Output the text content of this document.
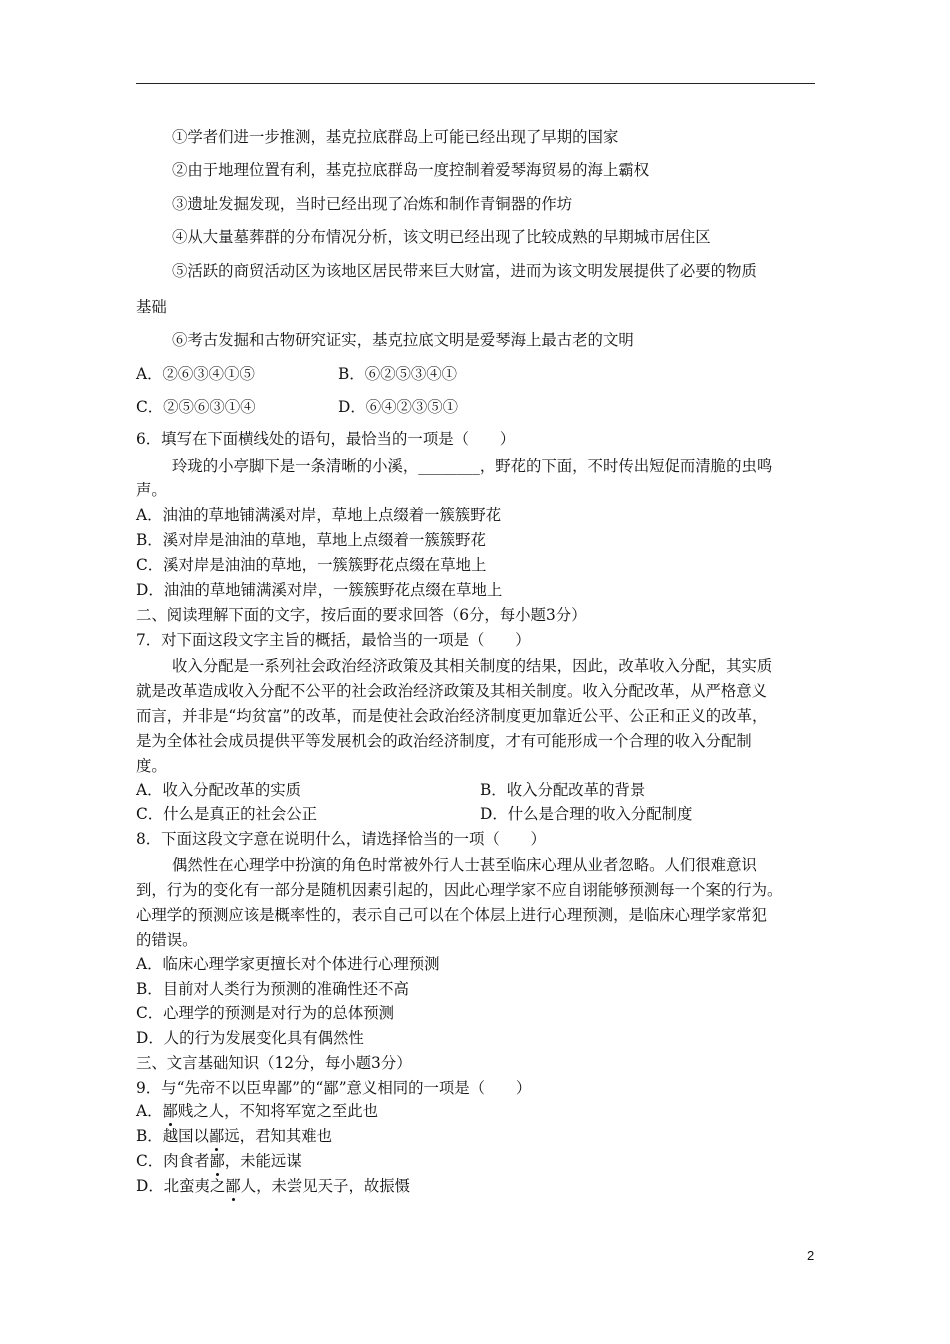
①学者们进一步推测，基克拉底群岛上可能已经出现了早期的国家
②由于地理位置有利，基克拉底群岛一度控制着爱琴海贸易的海上霸权
③遗址发掘发现，当时已经出现了冶炼和制作青铜器的作坊
④从大量墓葬群的分布情况分析，该文明已经出现了比较成熟的早期城市居住区
⑤活跃的商贸活动区为该地区居民带来巨大财富，进而为该文明发展提供了必要的物质
基础
⑥考古发掘和古物研究证实，基克拉底文明是爱琴海上最古老的文明
A．②⑥③④①⑤	B．⑥②⑤③④①
C．②⑤⑥③①④	D．⑥④②③⑤①
6．填写在下面横线处的语句，最恰当的一项是（　　）
玲珑的小亭脚下是一条清晰的小溪，________，野花的下面，不时传出短促而清脆的虫鸣
声。
A．油油的草地铺满溪对岸，草地上点缀着一簇簇野花
B．溪对岸是油油的草地，草地上点缀着一簇簇野花
C．溪对岸是油油的草地，一簇簇野花点缀在草地上
D．油油的草地铺满溪对岸，一簇簇野花点缀在草地上
二、阅读理解下面的文字，按后面的要求回答（6分，每小题3分）
7．对下面这段文字主旨的概括，最恰当的一项是（　　）
收入分配是一系列社会政治经济政策及其相关制度的结果，因此，改革收入分配，其实质
就是改革造成收入分配不公平的社会政治经济政策及其相关制度。收入分配改革，从严格意义
而言，并非是“均贫富”的改革，而是使社会政治经济制度更加靠近公平、公正和正义的改革，
是为全体社会成员提供平等发展机会的政治经济制度，才有可能形成一个合理的收入分配制
度。
A．收入分配改革的实质	B．收入分配改革的背景
C．什么是真正的社会公正	D．什么是合理的收入分配制度
8．下面这段文字意在说明什么，请选择恰当的一项（　　）
偶然性在心理学中扮演的角色时常被外行人士甚至临床心理从业者忽略。人们很难意识
到，行为的变化有一部分是随机因素引起的，因此心理学家不应自诩能够预测每一个案的行为。
心理学的预测应该是概率性的，表示自己可以在个体层上进行心理预测，是临床心理学家常犯
的错误。
A．临床心理学家更擅长对个体进行心理预测
B．目前对人类行为预测的准确性还不高
C．心理学的预测是对行为的总体预测
D．人的行为发展变化具有偶然性
三、文言基础知识（12分，每小题3分）
9．与“先帝不以臣卑鄙”的“鄙”意义相同的一项是（　　）
A．鄙贱之人，不知将军宽之至此也
B．越国以鄙远，君知其难也
C．肉食者鄙，未能远谋
D．北蛮夷之鄙人，未尝见天子，故振慑
2
